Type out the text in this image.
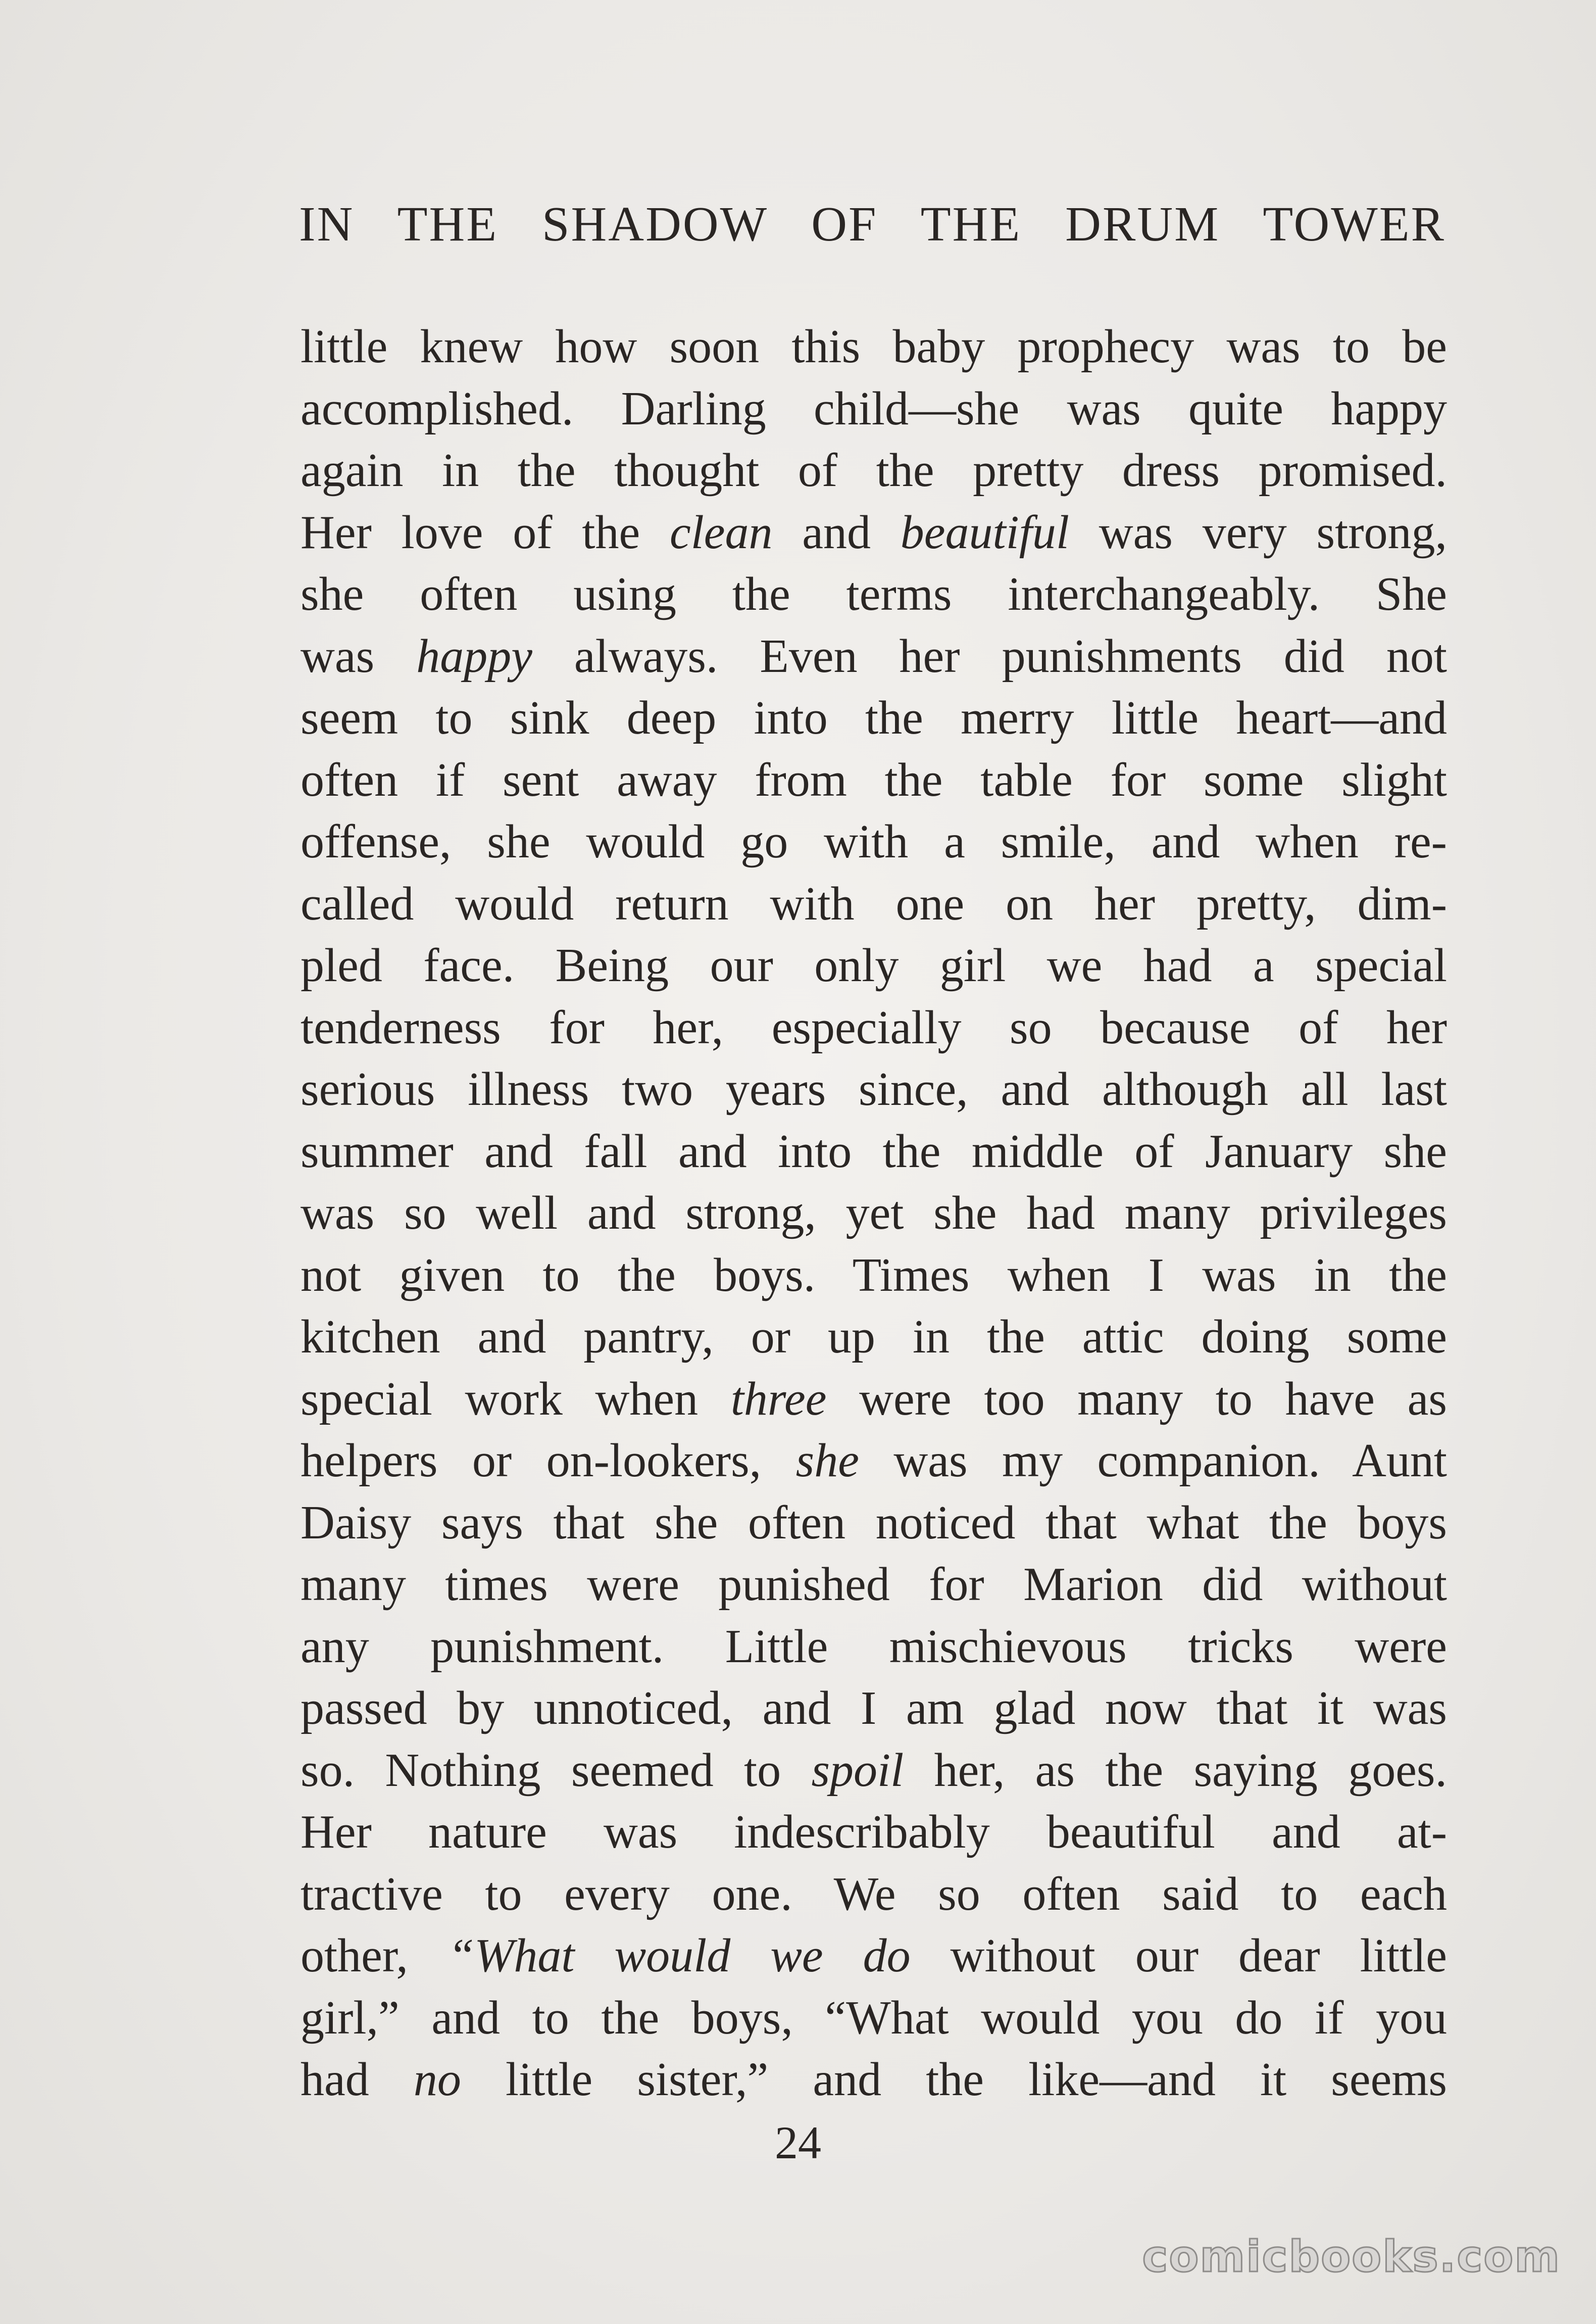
IN THE SHADOW OF THE DRUM TOWER
little knew how soon this baby prophecy was to be
accomplished. Darling child—she was quite happy
again in the thought of the pretty dress promised.
Her love of the clean and beautiful was very strong,
she often using the terms interchangeably. She
was happy always. Even her punishments did not
seem to sink deep into the merry little heart—and
often if sent away from the table for some slight
offense, she would go with a smile, and when re-
called would return with one on her pretty, dim-
pled face. Being our only girl we had a special
tenderness for her, especially so because of her
serious illness two years since, and although all last
summer and fall and into the middle of January she
was so well and strong, yet she had many privileges
not given to the boys. Times when I was in the
kitchen and pantry, or up in the attic doing some
special work when three were too many to have as
helpers or on-lookers, she was my companion. Aunt
Daisy says that she often noticed that what the boys
many times were punished for Marion did without
any punishment. Little mischievous tricks were
passed by unnoticed, and I am glad now that it was
so. Nothing seemed to spoil her, as the saying goes.
Her nature was indescribably beautiful and at-
tractive to every one. We so often said to each
other, “What would we do without our dear little
girl,” and to the boys, “What would you do if you
had no little sister,” and the like—and it seems
24
comicbooks.com
